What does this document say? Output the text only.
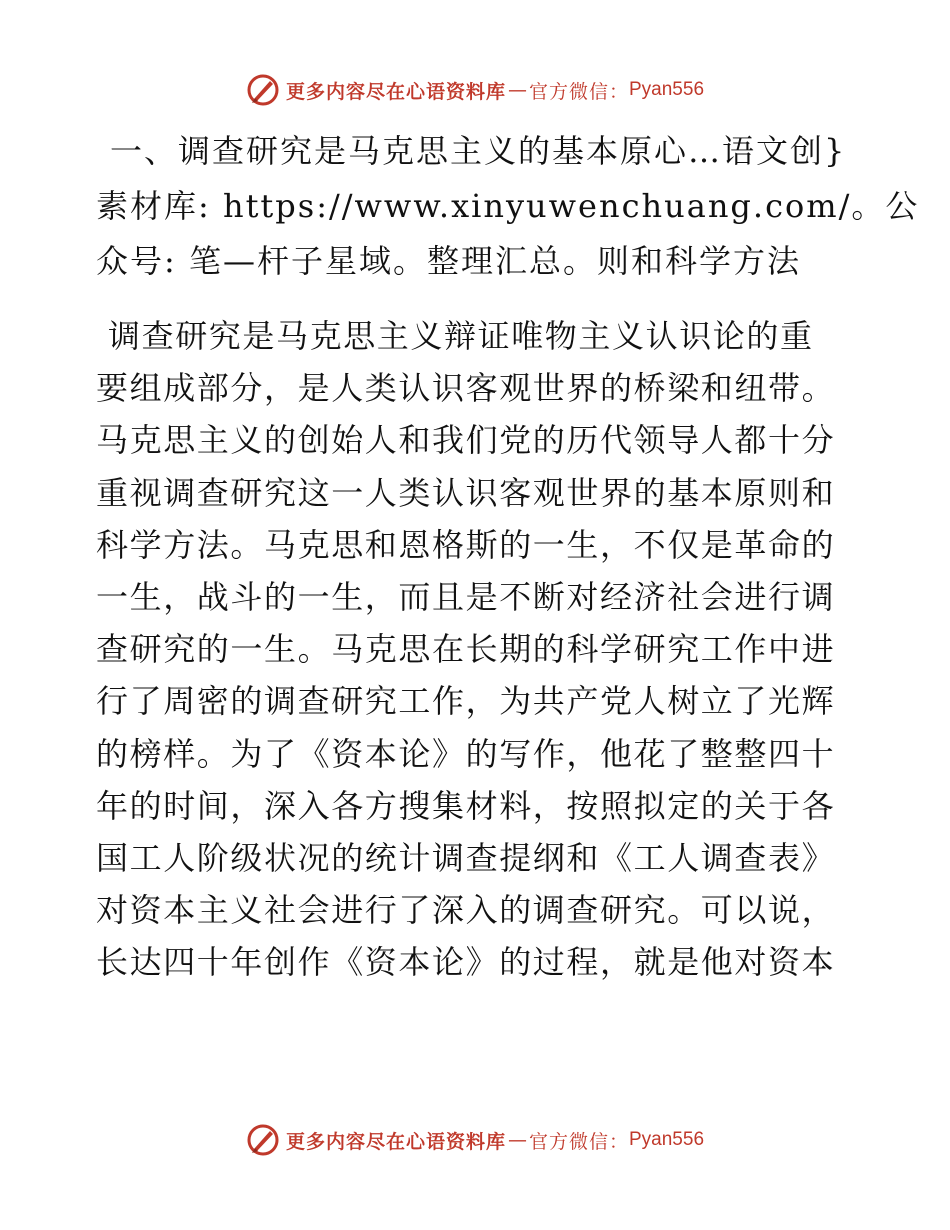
更多内容尽在心语资料库 — 官方微信： Pyan556
一、调查研究是马克思主义的基本原心…语文创}
素材库: https://www.xinyuwenchuang.com/。公
众号: 笔—杆子星域。整理汇总。则和科学方法
调查研究是马克思主义辩证唯物主义认识论的重
要组成部分，是人类认识客观世界的桥梁和纽带。
马克思主义的创始人和我们党的历代领导人都十分
重视调查研究这一人类认识客观世界的基本原则和
科学方法。马克思和恩格斯的一生，不仅是革命的
一生，战斗的一生，而且是不断对经济社会进行调
查研究的一生。马克思在长期的科学研究工作中进
行了周密的调查研究工作，为共产党人树立了光辉
的榜样。为了《资本论》的写作，他花了整整四十
年的时间，深入各方搜集材料，按照拟定的关于各
国工人阶级状况的统计调查提纲和《工人调查表》
对资本主义社会进行了深入的调查研究。可以说，
长达四十年创作《资本论》的过程，就是他对资本
更多内容尽在心语资料库 — 官方微信： Pyan556
